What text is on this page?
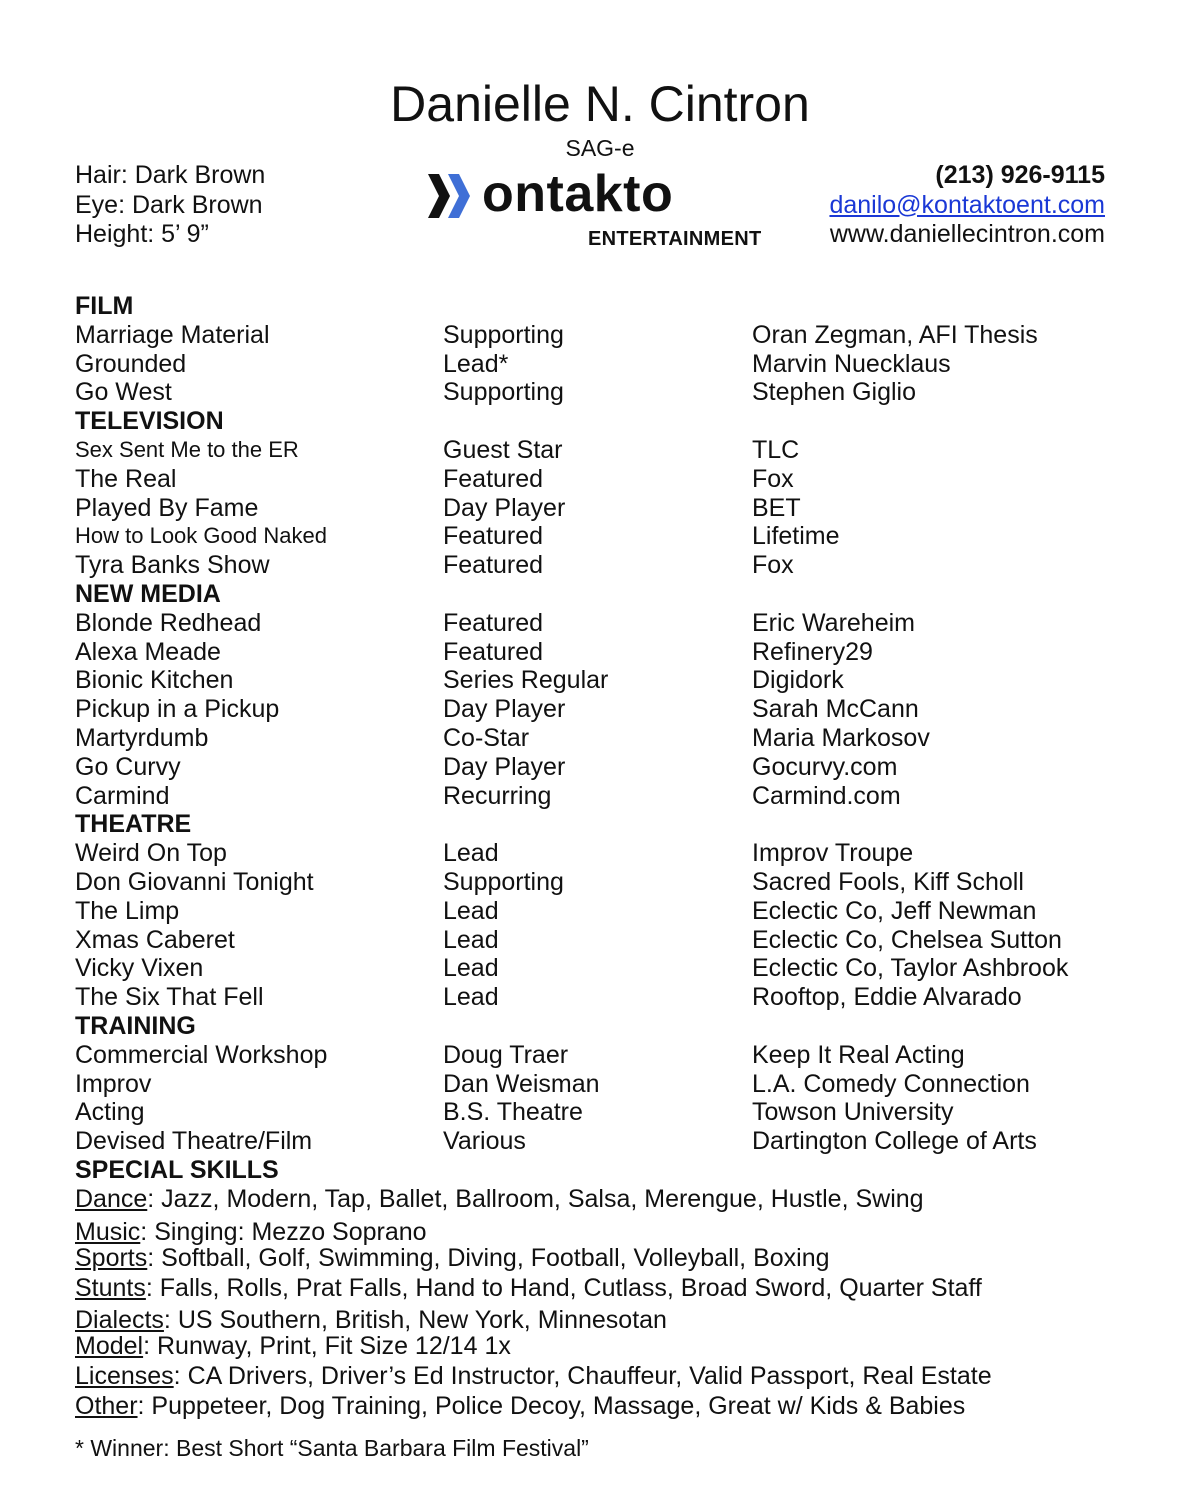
Danielle N. Cintron
SAG-e
Hair: Dark Brown
Eye: Dark Brown
Height: 5’ 9”
ontakto
ENTERTAINMENT
(213) 926-9115
danilo@kontaktoent.com
www.daniellecintron.com
FILM
Marriage Material	Supporting	Oran Zegman, AFI Thesis
Grounded	Lead*	Marvin Nuecklaus
Go West	Supporting	Stephen Giglio
TELEVISION
Sex Sent Me to the ER	Guest Star	TLC
The Real	Featured	Fox
Played By Fame	Day Player	BET
How to Look Good Naked	Featured	Lifetime
Tyra Banks Show	Featured	Fox
NEW MEDIA
Blonde Redhead	Featured	Eric Wareheim
Alexa Meade	Featured	Refinery29
Bionic Kitchen	Series Regular	Digidork
Pickup in a Pickup	Day Player	Sarah McCann
Martyrdumb	Co-Star	Maria Markosov
Go Curvy	Day Player	Gocurvy.com
Carmind	Recurring	Carmind.com
THEATRE
Weird On Top	Lead	Improv Troupe
Don Giovanni Tonight	Supporting	Sacred Fools, Kiff Scholl
The Limp	Lead	Eclectic Co, Jeff Newman
Xmas Caberet	Lead	Eclectic Co, Chelsea Sutton
Vicky Vixen	Lead	Eclectic Co, Taylor Ashbrook
The Six That Fell	Lead	Rooftop, Eddie Alvarado
TRAINING
Commercial Workshop	Doug Traer	Keep It Real Acting
Improv	Dan Weisman	L.A. Comedy Connection
Acting	B.S. Theatre	Towson University
Devised Theatre/Film	Various	Dartington College of Arts
SPECIAL SKILLS
Dance: Jazz, Modern, Tap, Ballet, Ballroom, Salsa, Merengue, Hustle, Swing
Music: Singing: Mezzo Soprano
Sports: Softball, Golf, Swimming, Diving, Football, Volleyball, Boxing
Stunts: Falls, Rolls, Prat Falls, Hand to Hand, Cutlass, Broad Sword, Quarter Staff
Dialects: US Southern, British, New York, Minnesotan
Model: Runway, Print, Fit Size 12/14 1x
Licenses: CA Drivers, Driver’s Ed Instructor, Chauffeur, Valid Passport, Real Estate
Other: Puppeteer, Dog Training, Police Decoy, Massage, Great w/ Kids & Babies
* Winner: Best Short “Santa Barbara Film Festival”
